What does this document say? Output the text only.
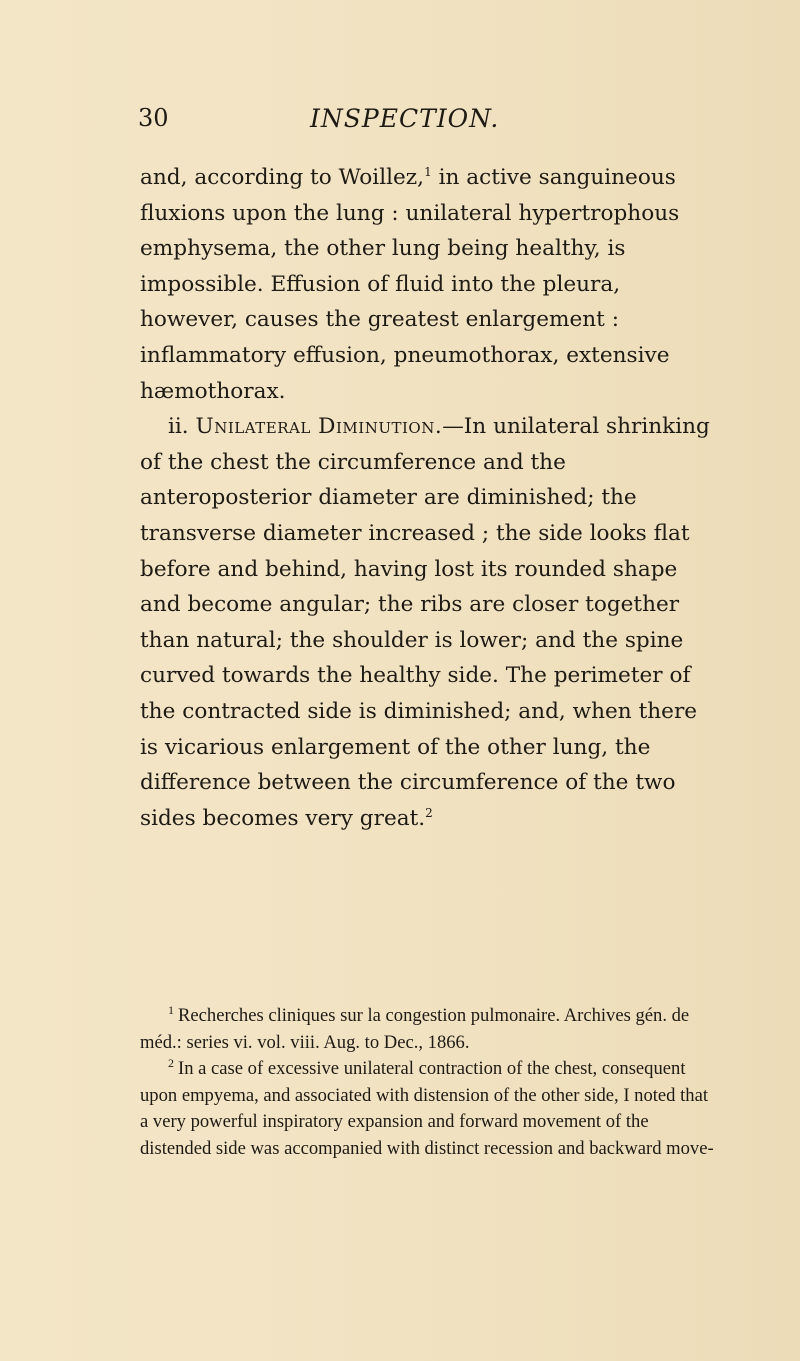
30	INSPECTION.

and, according to Woillez,$^1$ in active sanguineous fluxions upon the lung : unilateral hypertrophous emphysema, the other lung being healthy, is impossible. Effusion of fluid into the pleura, however, causes the greatest enlargement : inflammatory effusion, pneumothorax, extensive hæmothorax.

ii. Unilateral Diminution.—In unilateral shrinking of the chest the circumference and the anteroposterior diameter are diminished; the transverse diameter increased ; the side looks flat before and behind, having lost its rounded shape and become angular; the ribs are closer together than natural; the shoulder is lower; and the spine curved towards the healthy side. The perimeter of the contracted side is diminished; and, when there is vicarious enlargement of the other lung, the difference between the circumference of the two sides becomes very great.$^2$

$^1$ Recherches cliniques sur la congestion pulmonaire. Archives gén. de méd.: series vi. vol. viii. Aug. to Dec., 1866.

$^2$ In a case of excessive unilateral contraction of the chest, consequent upon empyema, and associated with distension of the other side, I noted that a very powerful inspiratory expansion and forward movement of the distended side was accompanied with distinct recession and backward move-
